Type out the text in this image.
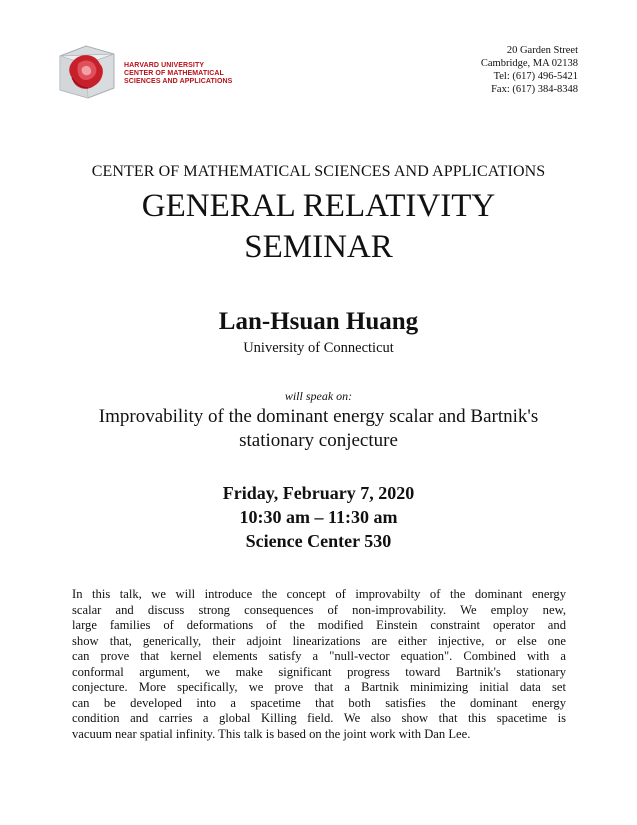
HARVARD UNIVERSITY
CENTER OF MATHEMATICAL
SCIENCES AND APPLICATIONS
20 Garden Street
Cambridge, MA 02138
Tel: (617) 496-5421
Fax: (617) 384-8348
CENTER OF MATHEMATICAL SCIENCES AND APPLICATIONS
GENERAL RELATIVITY
SEMINAR
Lan-Hsuan Huang
University of Connecticut
will speak on:
Improvability of the dominant energy scalar and Bartnik's
stationary conjecture
Friday, February 7, 2020
10:30 am – 11:30 am
Science Center 530
In this talk, we will introduce the concept of improvabilty of the dominant energy
scalar and discuss strong consequences of non-improvability. We employ new,
large families of deformations of the modified Einstein constraint operator and
show that, generically, their adjoint linearizations are either injective, or else one
can prove that kernel elements satisfy a "null-vector equation". Combined with a
conformal argument, we make significant progress toward Bartnik's stationary
conjecture. More specifically, we prove that a Bartnik minimizing initial data set
can be developed into a spacetime that both satisfies the dominant energy
condition and carries a global Killing field. We also show that this spacetime is
vacuum near spatial infinity. This talk is based on the joint work with Dan Lee.
